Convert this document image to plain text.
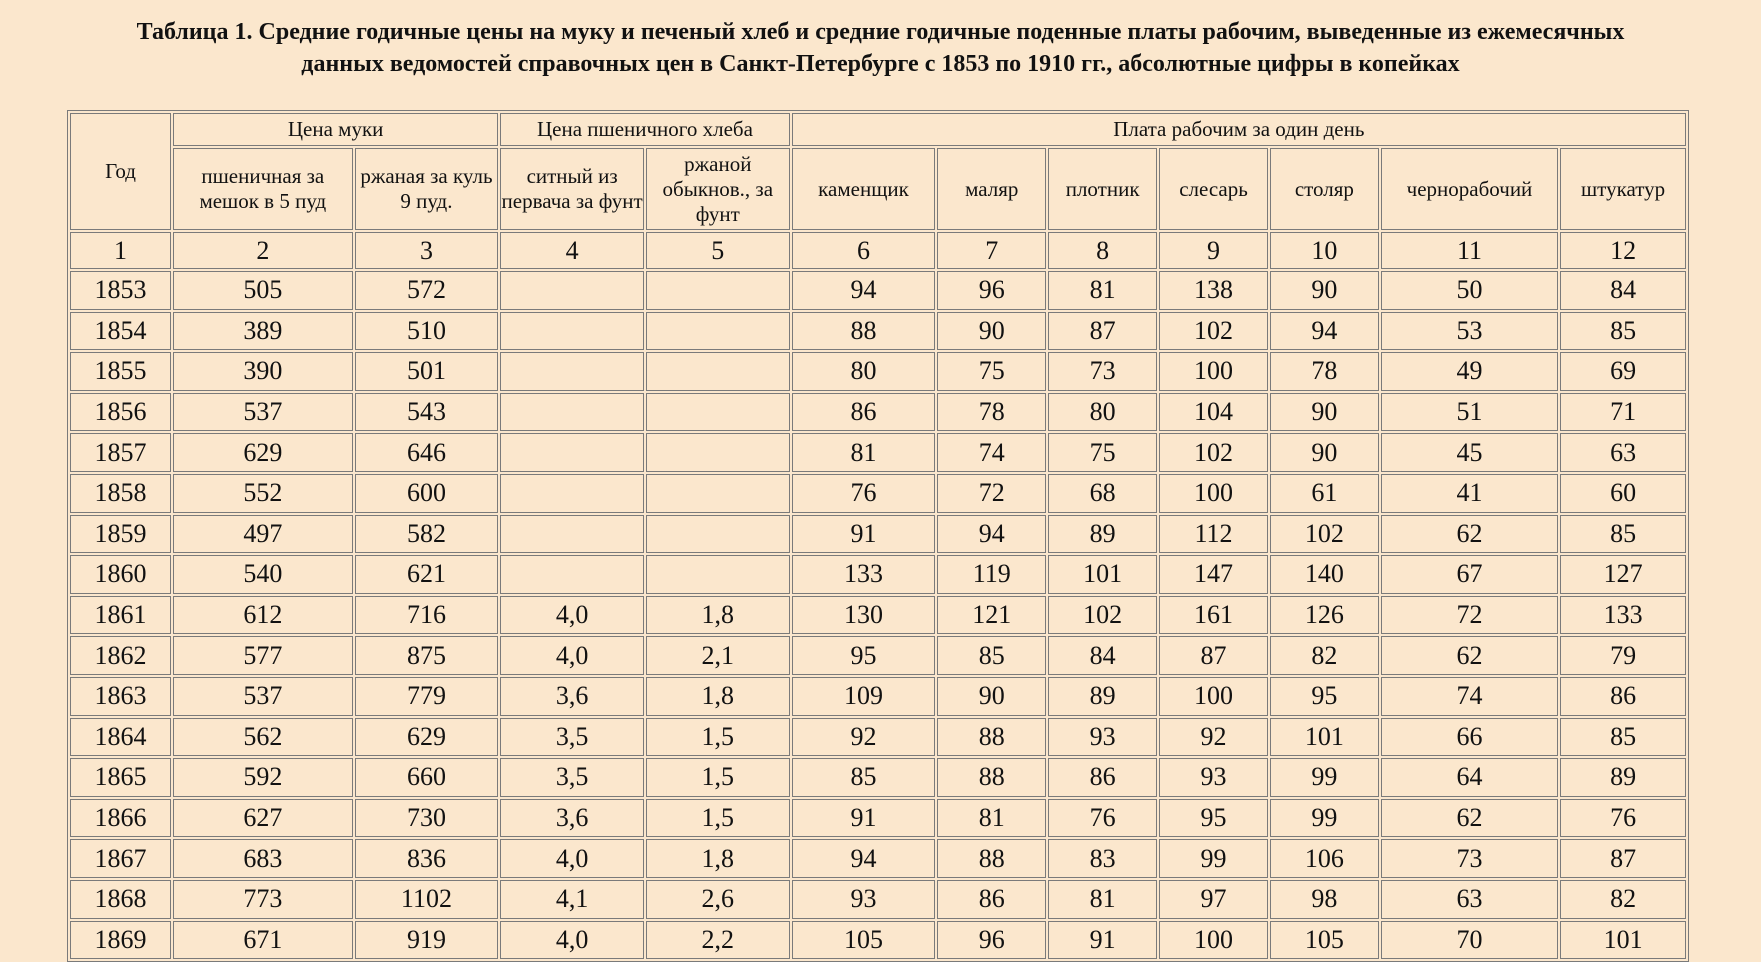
Таблица 1. Средние годичные цены на муку и печеный хлеб и средние годичные поденные платы рабочим, выведенные из ежемесячных
данных ведомостей справочных цен в Санкт-Петербурге с 1853 по 1910 гг., абсолютные цифры в копейках
Год	Цена муки		Цена пшеничного хлеба		Плата рабочим за один день						
	пшеничная за мешок в 5 пуд	ржаная за куль 9 пуд.	ситный из первача за фунт	ржаной обыкнов., за фунт	каменщик	маляр	плотник	слесарь	столяр	чернорабочий	штукатур
1	2	3	4	5	6	7	8	9	10	11	12
1853	505	572			94	96	81	138	90	50	84
1854	389	510			88	90	87	102	94	53	85
1855	390	501			80	75	73	100	78	49	69
1856	537	543			86	78	80	104	90	51	71
1857	629	646			81	74	75	102	90	45	63
1858	552	600			76	72	68	100	61	41	60
1859	497	582			91	94	89	112	102	62	85
1860	540	621			133	119	101	147	140	67	127
1861	612	716	4,0	1,8	130	121	102	161	126	72	133
1862	577	875	4,0	2,1	95	85	84	87	82	62	79
1863	537	779	3,6	1,8	109	90	89	100	95	74	86
1864	562	629	3,5	1,5	92	88	93	92	101	66	85
1865	592	660	3,5	1,5	85	88	86	93	99	64	89
1866	627	730	3,6	1,5	91	81	76	95	99	62	76
1867	683	836	4,0	1,8	94	88	83	99	106	73	87
1868	773	1102	4,1	2,6	93	86	81	97	98	63	82
1869	671	919	4,0	2,2	105	96	91	100	105	70	101
